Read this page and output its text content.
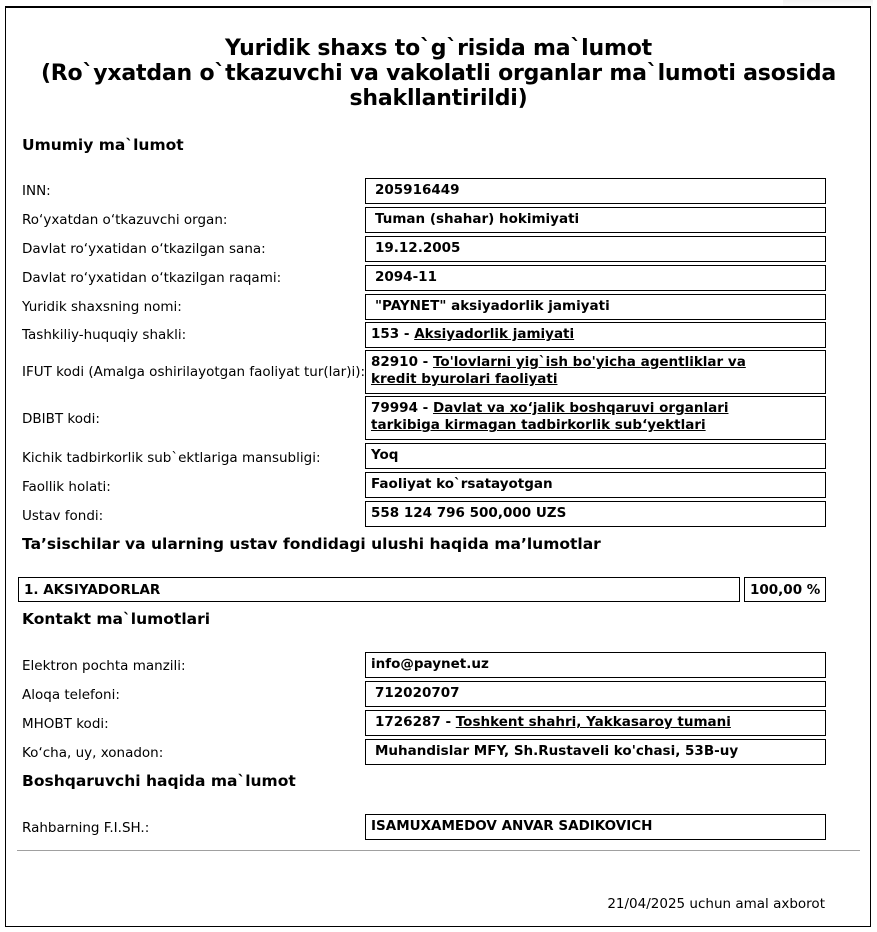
Yuridik shaxs to`g`risida ma`lumot
(Ro`yxatdan o`tkazuvchi va vakolatli organlar ma`lumoti asosida
shakllantirildi)
Umumiy ma`lumot
INN:	205916449
Ro‘yxatdan o‘tkazuvchi organ:	Tuman (shahar) hokimiyati
Davlat ro‘yxatidan o‘tkazilgan sana:	19.12.2005
Davlat ro‘yxatidan o‘tkazilgan raqami:	2094-11
Yuridik shaxsning nomi:	"PAYNET" aksiyadorlik jamiyati
Tashkiliy-huquqiy shakli:	153 - Aksiyadorlik jamiyati
IFUT kodi (Amalga oshirilayotgan faoliyat tur(lar)i):
82910 - To'lovlarni yig`ish bo'yicha agentliklar va kredit byurolari faoliyati
DBIBT kodi:
79994 - Davlat va xo‘jalik boshqaruvi organlari tarkibiga kirmagan tadbirkorlik sub‘yektlari
Kichik tadbirkorlik sub`ektlariga mansubligi:	Yoq
Faollik holati:	Faoliyat ko`rsatayotgan
Ustav fondi:	558 124 796 500,000 UZS
Ta’sischilar va ularning ustav fondidagi ulushi haqida ma’lumotlar
1. AKSIYADORLAR	100,00 %
Kontakt ma`lumotlari
Elektron pochta manzili:	info@paynet.uz
Aloqa telefoni:	712020707
MHOBT kodi:	1726287 - Toshkent shahri, Yakkasaroy tumani
Ko‘cha, uy, xonadon:	Muhandislar MFY, Sh.Rustaveli ko'chasi, 53B-uy
Boshqaruvchi haqida ma`lumot
Rahbarning F.I.SH.:	ISAMUXAMEDOV ANVAR SADIKOVICH
21/04/2025 uchun amal axborot
